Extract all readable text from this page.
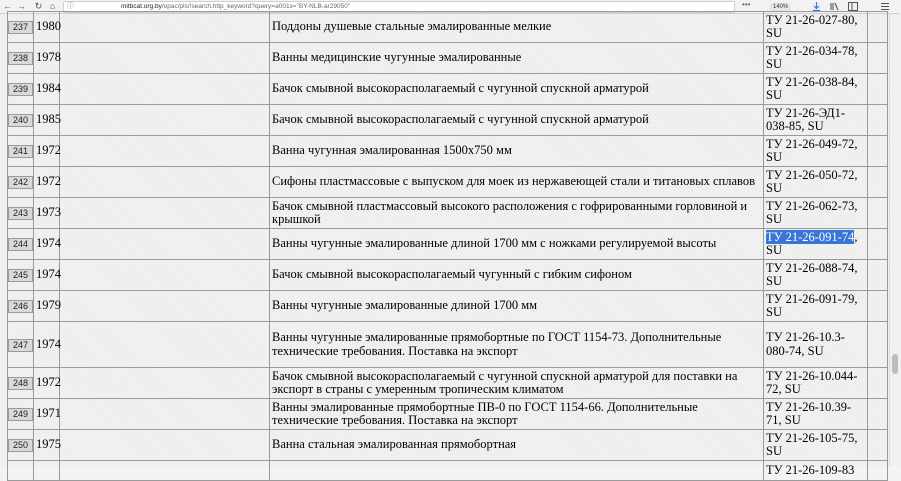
← → ↻ ⌂	ⓘ	mitbcat.org.by/opac/pls/!search.http_keyword?query=a001s="BY-NLB-ar29050"	140%
•••
237	1980		Поддоны душевые стальные эмалированные мелкие	ТУ 21-26-027-80, SU	
238	1978		Ванны медицинские чугунные эмалированные	ТУ 21-26-034-78, SU	
239	1984		Бачок смывной высокорасполагаемый с чугунной спускной арматурой	ТУ 21-26-038-84, SU	
240	1985		Бачок смывной высокорасполагаемый с чугунной спускной арматурой	ТУ 21-26-ЭД1-038-85, SU	
241	1972		Ванна чугунная эмалированная 1500х750 мм	ТУ 21-26-049-72, SU	
242	1972		Сифоны пластмассовые с выпуском для моек из нержавеющей стали и титановых сплавов	ТУ 21-26-050-72, SU	
243	1973		Бачок смывной пластмассовый высокого расположения с гофрированными горловиной и крышкой	ТУ 21-26-062-73, SU	
244	1974		Ванны чугунные эмалированные длиной 1700 мм с ножками регулируемой высоты	ТУ 21-26-091-74, SU	
245	1974		Бачок смывной высокорасполагаемый чугунный с гибким сифоном	ТУ 21-26-088-74, SU	
246	1979		Ванны чугунные эмалированные длиной 1700 мм	ТУ 21-26-091-79, SU	
247	1974		Ванны чугунные эмалированные прямобортные по ГОСТ 1154-73. Дополнительные технические требования. Поставка на экспорт	ТУ 21-26-10.3-080-74, SU	
248	1972		Бачок смывной высокорасполагаемый с чугунной спускной арматурой для поставки на экспорт в страны с умеренным тропическим климатом	ТУ 21-26-10.044-72, SU	
249	1971		Ванны эмалированные прямобортные ПВ-0 по ГОСТ 1154-66. Дополнительные технические требования. Поставка на экспорт	ТУ 21-26-10.39-71, SU	
250	1975		Ванна стальная эмалированная прямобортная	ТУ 21-26-105-75, SU	
				ТУ 21-26-109-83	
